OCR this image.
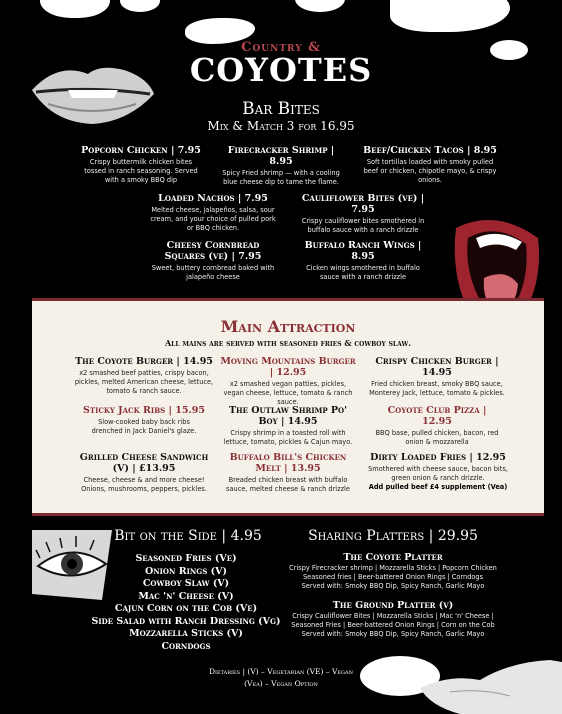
Country &
COYOTES
Bar Bites
Mix & Match 3 for 16.95
Popcorn Chicken | 7.95
Crispy buttermilk chicken bites tossed in ranch seasoning. Served with a smoky BBQ dip
Firecracker Shrimp | 8.95
Spicy Fried shrimp — with a cooling blue cheese dip to tame the flame.
Beef/Chicken Tacos | 8.95
Soft tortillas loaded with smoky pulled beef or chicken, chipotle mayo, & crispy onions.
Loaded Nachos | 7.95
Melted cheese, jalapeños, salsa, sour cream, and your choice of pulled pork or BBQ chicken.
Cauliflower Bites (ve) | 7.95
Crispy cauliflower bites smothered in buffalo sauce with a ranch drizzle
Cheesy Cornbread Squares (ve) | 7.95
Sweet, buttery cornbread baked with jalapeño cheese
Buffalo Ranch Wings | 8.95
Cicken wings smothered in buffalo sauce with a ranch drizzle
Main Attraction
All mains are served with seasoned fries & cowboy slaw.
The Coyote Burger | 14.95
x2 smashed beef patties, crispy bacon, pickles, melted American cheese, lettuce, tomato & ranch sauce.
Moving Mountains Burger | 12.95
x2 smashed vegan patties, pickles, vegan cheese, lettuce, tomato & ranch sauce.
Crispy Chicken Burger | 14.95
Fried chicken breast, smoky BBQ sauce, Monterey Jack, lettuce, tomato & pickles.
Sticky Jack Ribs | 15.95
Slow-cooked baby back ribs drenched in Jack Daniel's glaze.
The Outlaw Shrimp Po' Boy | 14.95
Crispy shrimp in a toasted roll with lettuce, tomato, pickles & Cajun mayo.
Coyote Club Pizza | 12.95
BBQ base, pulled chicken, bacon, red onion & mozzarella
Grilled Cheese Sandwich (V) | £13.95
Cheese, cheese & and more cheese! Onions, mushrooms, peppers, pickles.
Buffalo Bill's Chicken Melt | 13.95
Breaded chicken breast with buffalo sauce, melted cheese & ranch drizzle
Dirty Loaded Fries | 12.95
Smothered with cheese sauce, bacon bits, green onion & ranch drizzle.
Add pulled beef £4 supplement (Vea)
Bit on the Side | 4.95
Seasoned Fries (Ve)
Onion Rings (V)
Cowboy Slaw (V)
Mac 'n' Cheese (V)
Cajun Corn on the Cob (Ve)
Side Salad with Ranch Dressing (Vg)
Mozzarella Sticks (V)
Corndogs
Sharing Platters | 29.95
The Coyote Platter
Crispy Firecracker shrimp | Mozzarella Sticks | Popcorn Chicken
Seasoned fries | Beer-battered Onion Rings | Corndogs
Served with: Smoky BBQ Dip, Spicy Ranch, Garlic Mayo
The Ground Platter (v)
Crispy Cauliflower Bites | Mozzarella Sticks | Mac 'n' Cheese |
Seasoned Fries | Beer-battered Onion Rings | Corn on the Cob
Served with: Smoky BBQ Dip, Spicy Ranch, Garlic Mayo
Dietaries | (V) – Vegetarian (VE) – Vegan
(Vea) – Vegan Option
